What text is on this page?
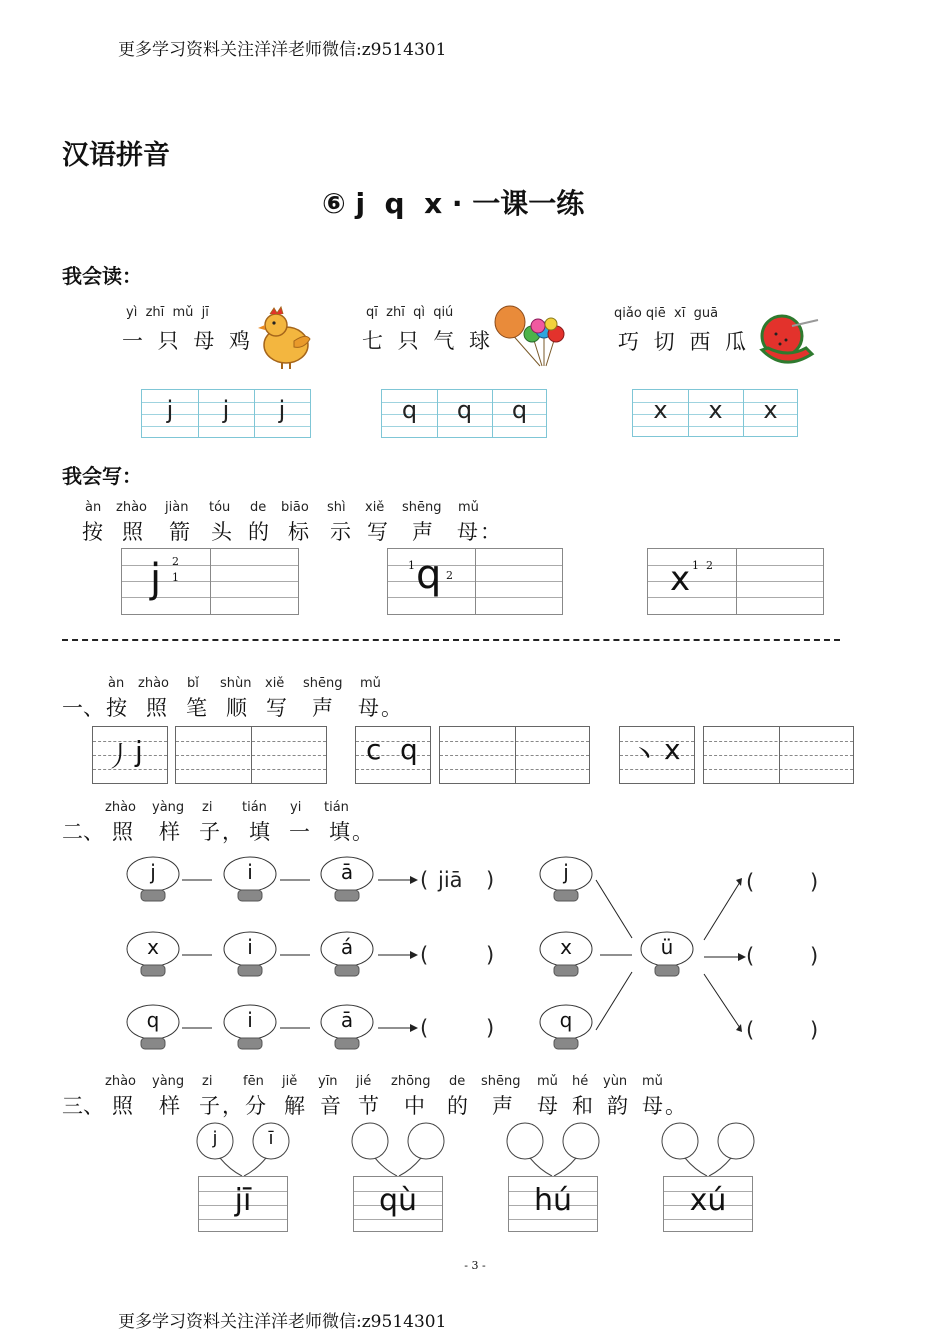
更多学习资料关注洋洋老师微信:z9514301
汉语拼音
⑥ j  q  x · 一课一练
我会读：
yì  zhī  mǔ  jī
一 只 母 鸡
j	j	j
qī  zhī  qì  qiú
七 只 气 球
q	q	q
qiǎo qiē  xī  guā
巧 切 西 瓜
x	x	x
我会写：
àn zhào jiàn tóu de biāo shì xiě shēng mǔ
按 照 箭 头 的 标 示 写 声 母：
j 2
1	q
1
2	x 1 2
一、
àn zhào bǐ shùn xiě shēng mǔ
按 照 笔 顺 写 声 母。
丿 j	c q	丶 x
二、
zhào yàng zi tián yi tián
照 样 子， 填 一 填。
j	i	ā	( jiā )
x	i	á	(	)
q	i	ā	(	)
j
x
q
ü
(	)
(	)
(	)
三、
zhào yàng zi fēn jiě yīn jié zhōng de shēng mǔ hé yùn mǔ
照 样 子， 分 解 音 节 中 的 声 母 和 韵 母。
j	ī
jī	qù	hú	xú
- 3 -
更多学习资料关注洋洋老师微信:z9514301
